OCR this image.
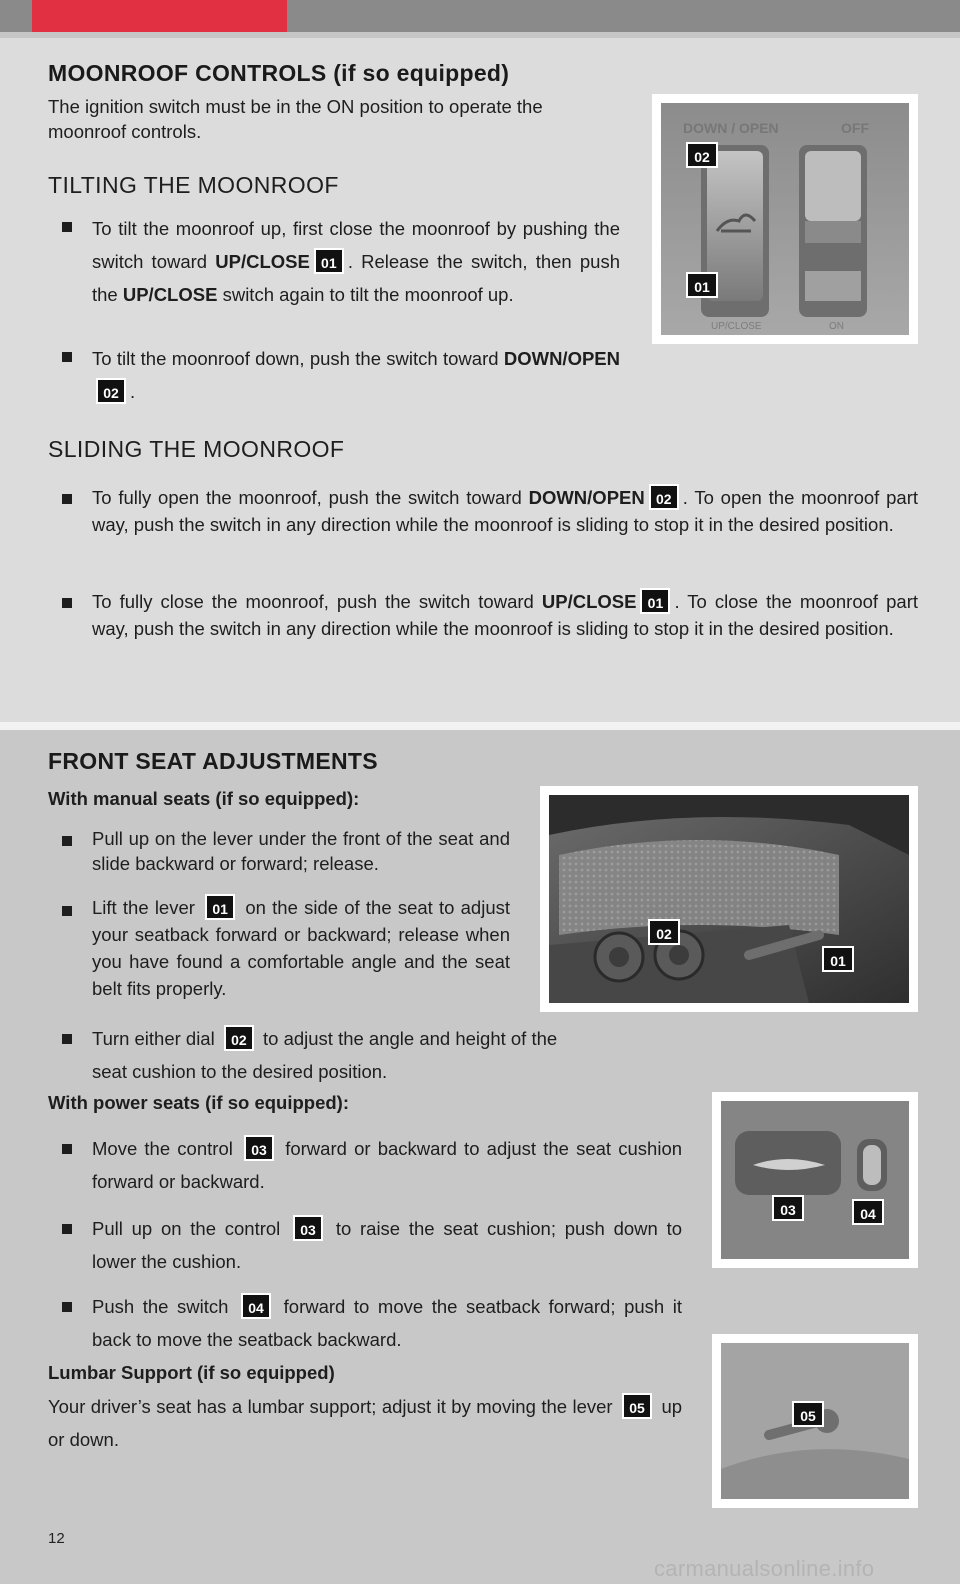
MOONROOF CONTROLS (if so equipped)
The ignition switch must be in the ON position to operate the moonroof controls.
TILTING THE MOONROOF
To tilt the moonroof up, first close the moonroof by pushing the switch toward UP/CLOSE 01 . Release the switch, then push the UP/CLOSE switch again to tilt the moonroof up.
To tilt the moonroof down, push the switch toward DOWN/OPEN02 .
SLIDING THE MOONROOF
To fully open the moonroof, push the switch toward DOWN/OPEN 02 . To open the moonroof part way, push the switch in any direction while the moonroof is sliding to stop it in the desired position.
To fully close the moonroof, push the switch toward UP/CLOSE 01 . To close the moonroof part way, push the switch in any direction while the moonroof is sliding to stop it in the desired position.
DOWN / OPEN	OFF
UP/CLOSE	ON
02
01
FRONT SEAT ADJUSTMENTS
With manual seats (if so equipped):
Pull up on the lever under the front of the seat and slide backward or forward; release.
Lift the lever 01 on the side of the seat to adjust your seatback forward or backward; release when you have found a comfortable angle and the seat belt fits properly.
Turn either dial 02 to adjust the angle and height of the seat cushion to the desired position.
02
01
With power seats (if so equipped):
Move the control 03 forward or backward to adjust the seat cushion forward or backward.
Pull up on the control 03 to raise the seat cushion; push down to lower the cushion.
Push the switch 04 forward to move the seatback forward; push it back to move the seatback backward.
03	04
Lumbar Support (if so equipped)
Your driver’s seat has a lumbar support; adjust it by moving the lever 05 up or down.
05
12
carmanualsonline.info
